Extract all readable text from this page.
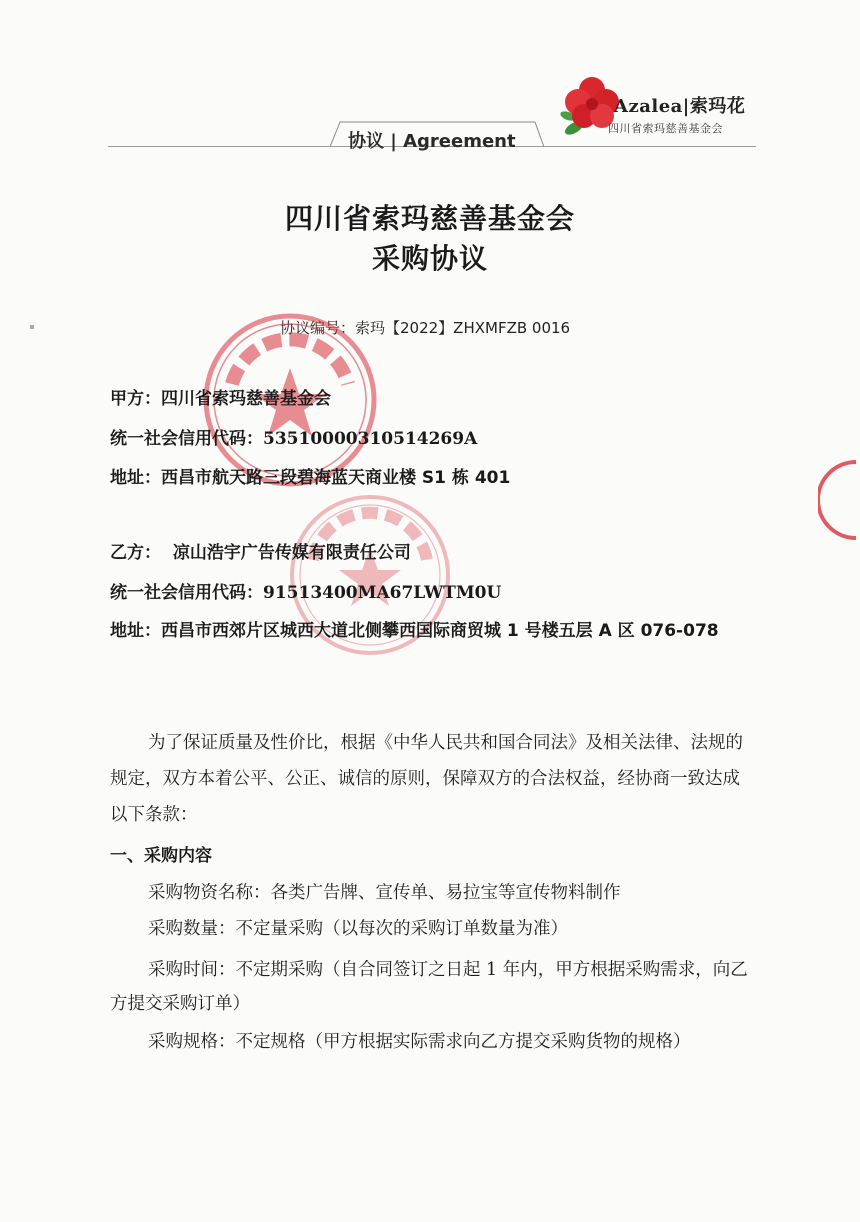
Azalea|索玛花
四川省索玛慈善基金会
协议 | Agreement
四川省索玛慈善基金会
采购协议
协议编号：索玛【2022】ZHXMFZB 0016
甲方：四川省索玛慈善基金会
统一社会信用代码：53510000310514269A
地址：西昌市航天路三段碧海蓝天商业楼 S1 栋 401
乙方： 凉山浩宇广告传媒有限责任公司
统一社会信用代码：91513400MA67LWTM0U
地址：西昌市西郊片区城西大道北侧攀西国际商贸城 1 号楼五层 A 区 076-078
为了保证质量及性价比，根据《中华人民共和国合同法》及相关法律、法规的规定，双方本着公平、公正、诚信的原则，保障双方的合法权益，经协商一致达成以下条款：
一、采购内容
采购物资名称：各类广告牌、宣传单、易拉宝等宣传物料制作
采购数量：不定量采购（以每次的采购订单数量为准）
采购时间：不定期采购（自合同签订之日起 1 年内，甲方根据采购需求，向乙方提交采购订单）
采购规格：不定规格（甲方根据实际需求向乙方提交采购货物的规格）
